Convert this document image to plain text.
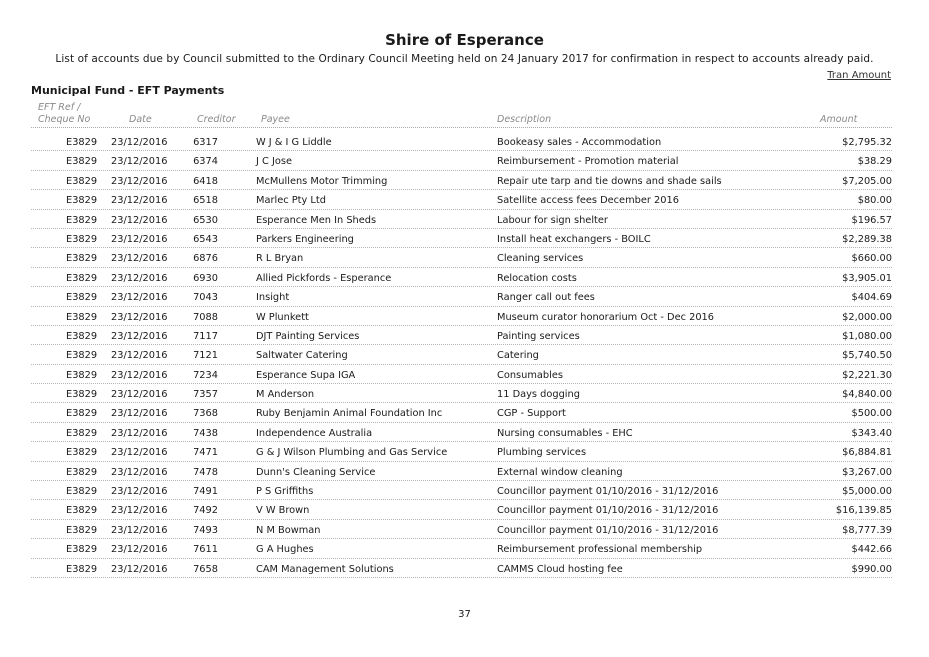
Shire of Esperance
List of accounts due by Council submitted to the Ordinary Council Meeting held on 24 January 2017 for confirmation in respect to accounts already paid.
Tran Amount
Municipal Fund - EFT Payments
EFT Ref /
Cheque No	Date	Creditor	Payee	Description	Amount
E3829 23/12/2016	6317	W J & I G Liddle	Bookeasy sales - Accommodation	$2,795.32
E3829 23/12/2016	6374	J C Jose	Reimbursement - Promotion material	$38.29
E3829 23/12/2016	6418	McMullens Motor Trimming	Repair ute tarp and tie downs and shade sails	$7,205.00
E3829 23/12/2016	6518	Marlec Pty Ltd	Satellite access fees December 2016	$80.00
E3829 23/12/2016	6530	Esperance Men In Sheds	Labour for sign shelter	$196.57
E3829 23/12/2016	6543	Parkers Engineering	Install heat exchangers - BOILC	$2,289.38
E3829 23/12/2016	6876	R L Bryan	Cleaning services	$660.00
E3829 23/12/2016	6930	Allied Pickfords - Esperance	Relocation costs	$3,905.01
E3829 23/12/2016	7043	Insight	Ranger call out fees	$404.69
E3829 23/12/2016	7088	W Plunkett	Museum curator honorarium Oct - Dec 2016	$2,000.00
E3829 23/12/2016	7117	DJT Painting Services	Painting services	$1,080.00
E3829 23/12/2016	7121	Saltwater Catering	Catering	$5,740.50
E3829 23/12/2016	7234	Esperance Supa IGA	Consumables	$2,221.30
E3829 23/12/2016	7357	M Anderson	11 Days dogging	$4,840.00
E3829 23/12/2016	7368	Ruby Benjamin Animal Foundation Inc	CGP - Support	$500.00
E3829 23/12/2016	7438	Independence Australia	Nursing consumables - EHC	$343.40
E3829 23/12/2016	7471	G & J Wilson Plumbing and Gas Service	Plumbing services	$6,884.81
E3829 23/12/2016	7478	Dunn's Cleaning Service	External window cleaning	$3,267.00
E3829 23/12/2016	7491	P S Griffiths	Councillor payment 01/10/2016 - 31/12/2016	$5,000.00
E3829 23/12/2016	7492	V W Brown	Councillor payment 01/10/2016 - 31/12/2016	$16,139.85
E3829 23/12/2016	7493	N M Bowman	Councillor payment 01/10/2016 - 31/12/2016	$8,777.39
E3829 23/12/2016	7611	G A Hughes	Reimbursement professional membership	$442.66
E3829 23/12/2016	7658	CAM Management Solutions	CAMMS Cloud hosting fee	$990.00
37
